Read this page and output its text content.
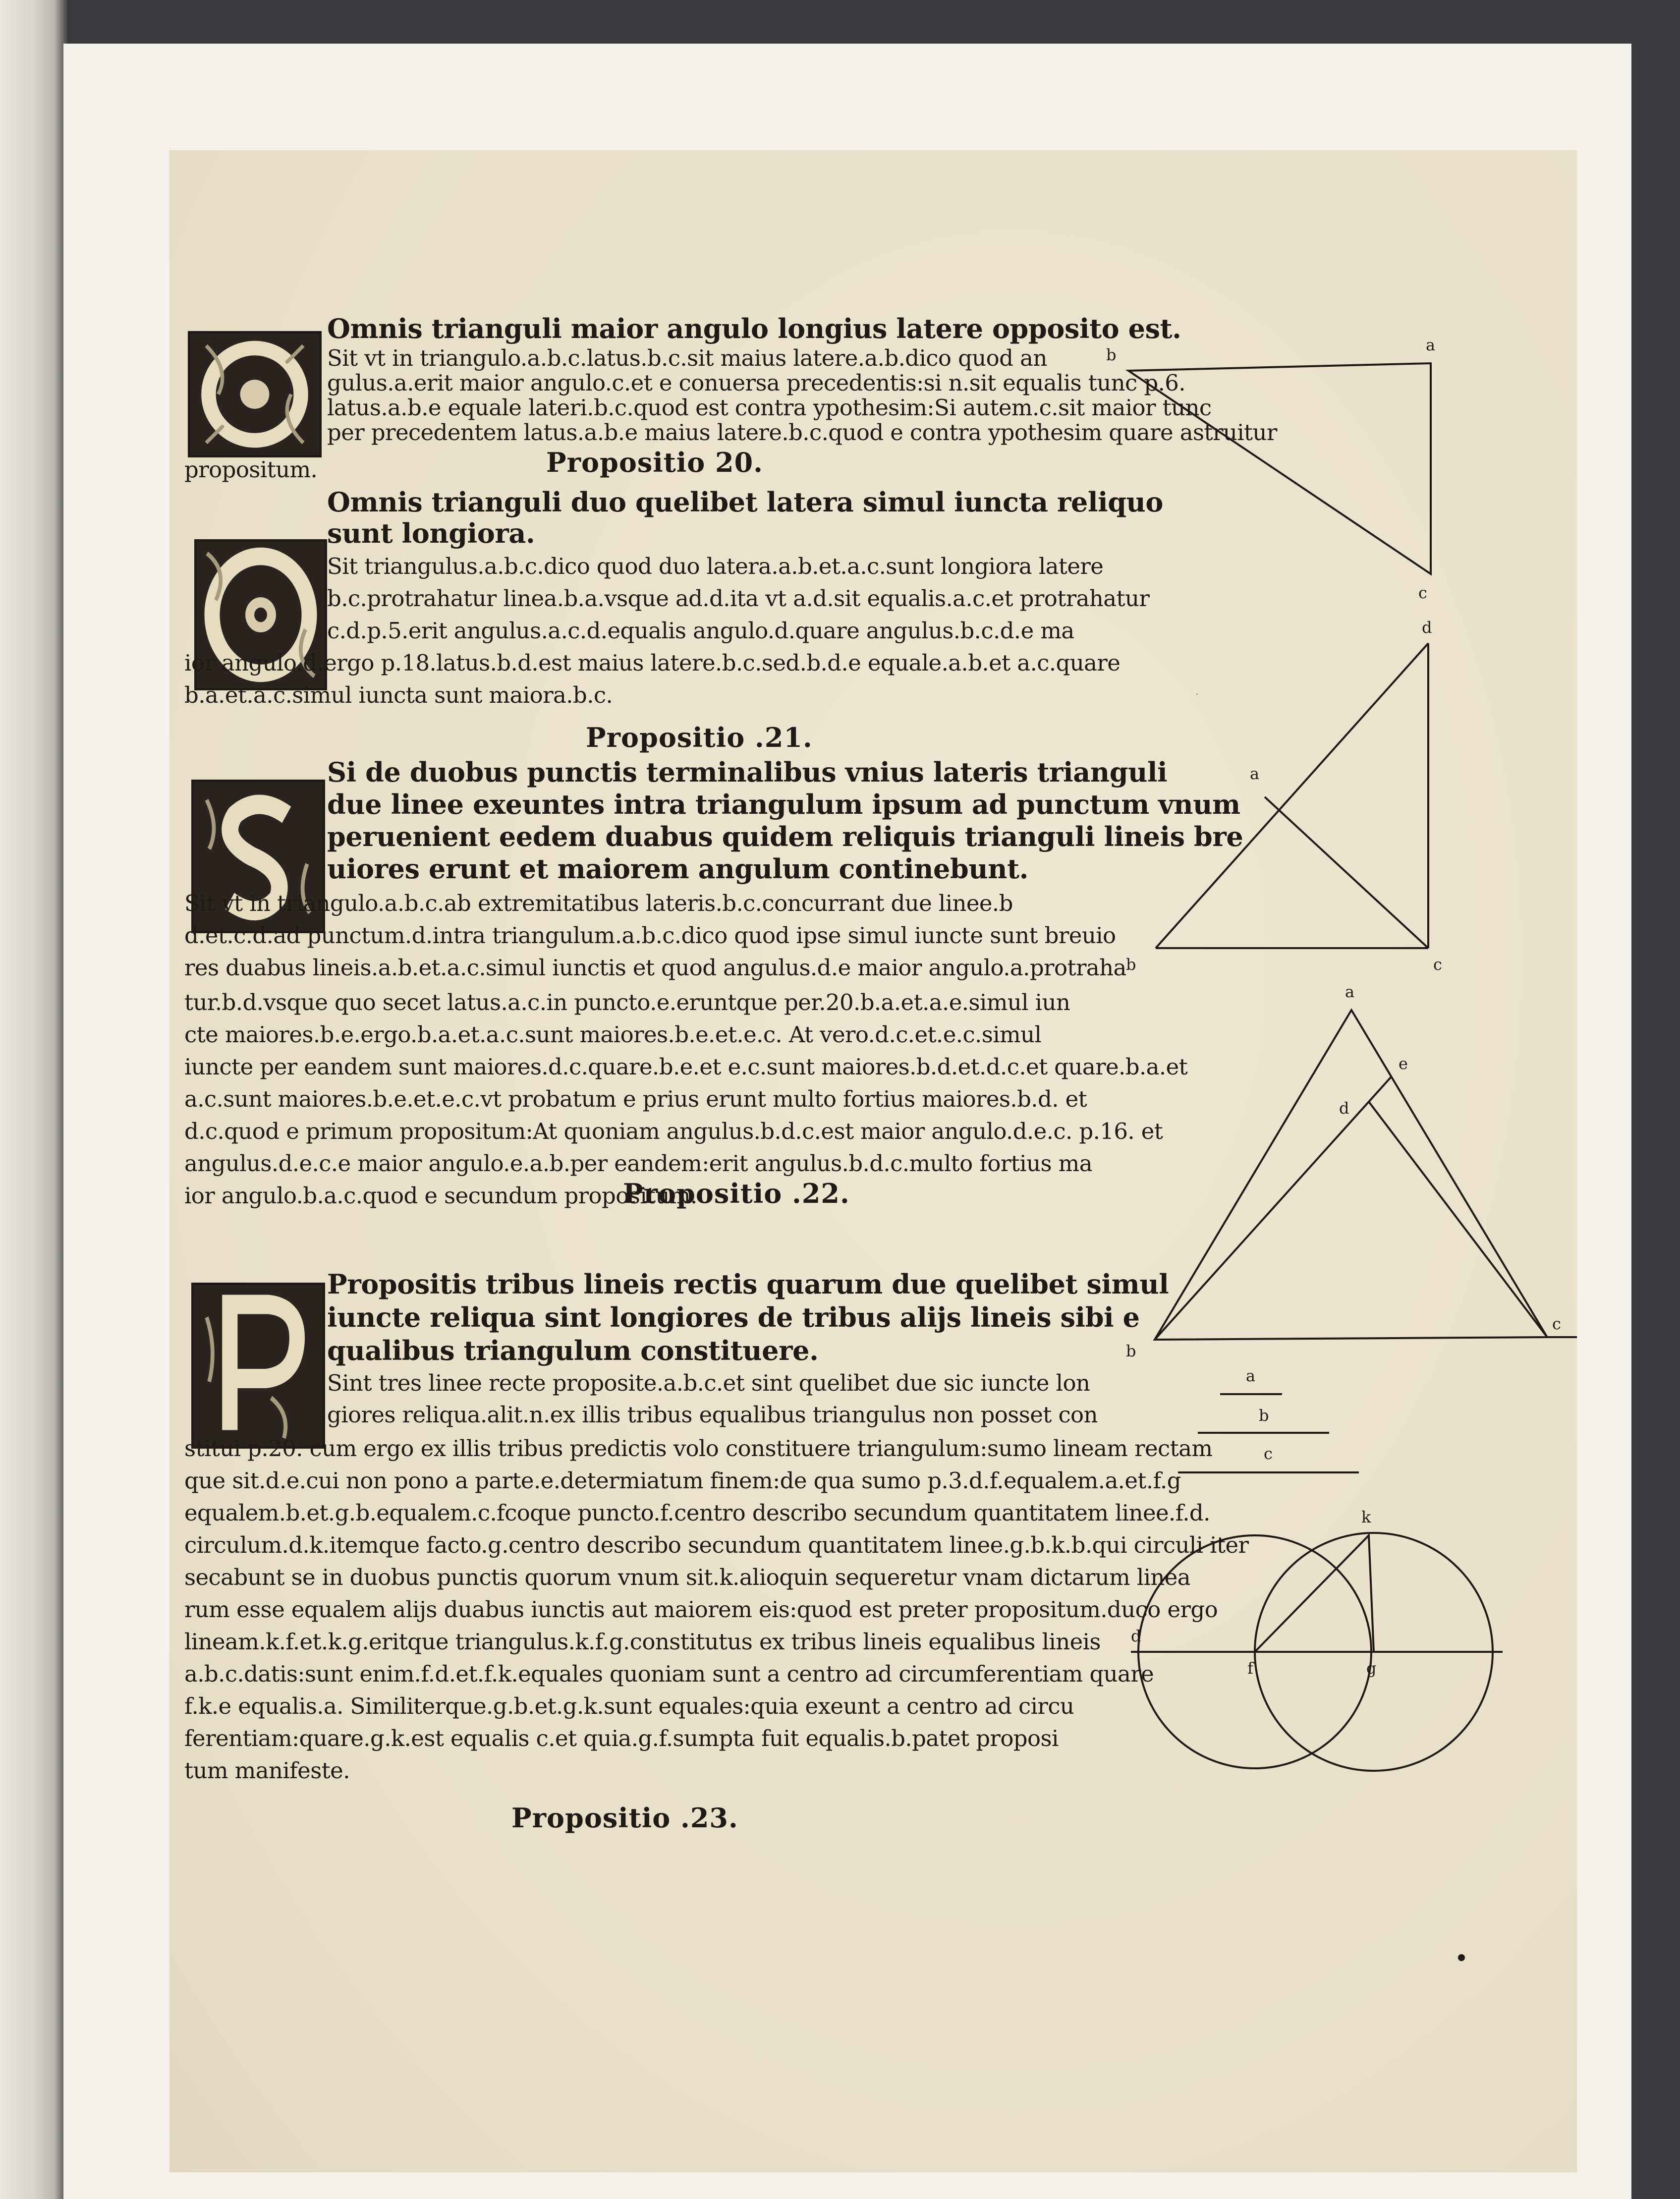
Omnis trianguli maior angulo longius latere opposito est.
Sit vt in triangulo.a.b.c.latus.b.c.sit maius latere.a.b.dico quod an
gulus.a.erit maior angulo.c.et e conuersa precedentis:si n.sit equalis tunc p.6.
latus.a.b.e equale lateri.b.c.quod est contra ypothesim:Si autem.c.sit maior tunc
per precedentem latus.a.b.e maius latere.b.c.quod e contra ypothesim quare astruitur
propositum.	Propositio 20.
Omnis trianguli duo quelibet latera simul iuncta reliquo
sunt longiora.
Sit triangulus.a.b.c.dico quod duo latera.a.b.et.a.c.sunt longiora latere
b.c.protrahatur linea.b.a.vsque ad.d.ita vt a.d.sit equalis.a.c.et protrahatur
c.d.p.5.erit angulus.a.c.d.equalis angulo.d.quare angulus.b.c.d.e ma
ior angulo.d.ergo p.18.latus.b.d.est maius latere.b.c.sed.b.d.e equale.a.b.et a.c.quare
b.a.et.a.c.simul iuncta sunt maiora.b.c.
Propositio .21.
Si de duobus punctis terminalibus vnius lateris trianguli
due linee exeuntes intra triangulum ipsum ad punctum vnum
peruenient eedem duabus quidem reliquis trianguli lineis bre
uiores erunt et maiorem angulum continebunt.
Sit vt in triangulo.a.b.c.ab extremitatibus lateris.b.c.concurrant due linee.b
d.et.c.d.ad punctum.d.intra triangulum.a.b.c.dico quod ipse simul iuncte sunt breuio
res duabus lineis.a.b.et.a.c.simul iunctis et quod angulus.d.e maior angulo.a.protraha
tur.b.d.vsque quo secet latus.a.c.in puncto.e.eruntque per.20.b.a.et.a.e.simul iun
cte maiores.b.e.ergo.b.a.et.a.c.sunt maiores.b.e.et.e.c. At vero.d.c.et.e.c.simul
iuncte per eandem sunt maiores.d.c.quare.b.e.et e.c.sunt maiores.b.d.et.d.c.et quare.b.a.et
a.c.sunt maiores.b.e.et.e.c.vt probatum e prius erunt multo fortius maiores.b.d. et
d.c.quod e primum propositum:At quoniam angulus.b.d.c.est maior angulo.d.e.c. p.16. et
angulus.d.e.c.e maior angulo.e.a.b.per eandem:erit angulus.b.d.c.multo fortius ma
ior angulo.b.a.c.quod e secundum propositum.
Propositio .22.
Propositis tribus lineis rectis quarum due quelibet simul
iuncte reliqua sint longiores de tribus alijs lineis sibi e
qualibus triangulum constituere.
Sint tres linee recte proposite.a.b.c.et sint quelibet due sic iuncte lon
giores reliqua.alit.n.ex illis tribus equalibus triangulus non posset con
stitui p.20. cum ergo ex illis tribus predictis volo constituere triangulum:sumo lineam rectam
que sit.d.e.cui non pono a parte.e.determiatum finem:de qua sumo p.3.d.f.equalem.a.et.f.g
equalem.b.et.g.b.equalem.c.fcoque puncto.f.centro describo secundum quantitatem linee.f.d.
circulum.d.k.itemque facto.g.centro describo secundum quantitatem linee.g.b.k.b.qui circuli iter
secabunt se in duobus punctis quorum vnum sit.k.alioquin sequeretur vnam dictarum linea
rum esse equalem alijs duabus iunctis aut maiorem eis:quod est preter propositum.duco ergo
lineam.k.f.et.k.g.eritque triangulus.k.f.g.constitutus ex tribus lineis equalibus lineis
a.b.c.datis:sunt enim.f.d.et.f.k.equales quoniam sunt a centro ad circumferentiam quare
f.k.e equalis.a. Similiterque.g.b.et.g.k.sunt equales:quia exeunt a centro ad circu
ferentiam:quare.g.k.est equalis c.et quia.g.f.sumpta fuit equalis.b.patet proposi
tum manifeste.
Propositio .23.
b
a
c
d
a
b	c
a
e
d
b
c
a
b
c
k
d
f	g
.
